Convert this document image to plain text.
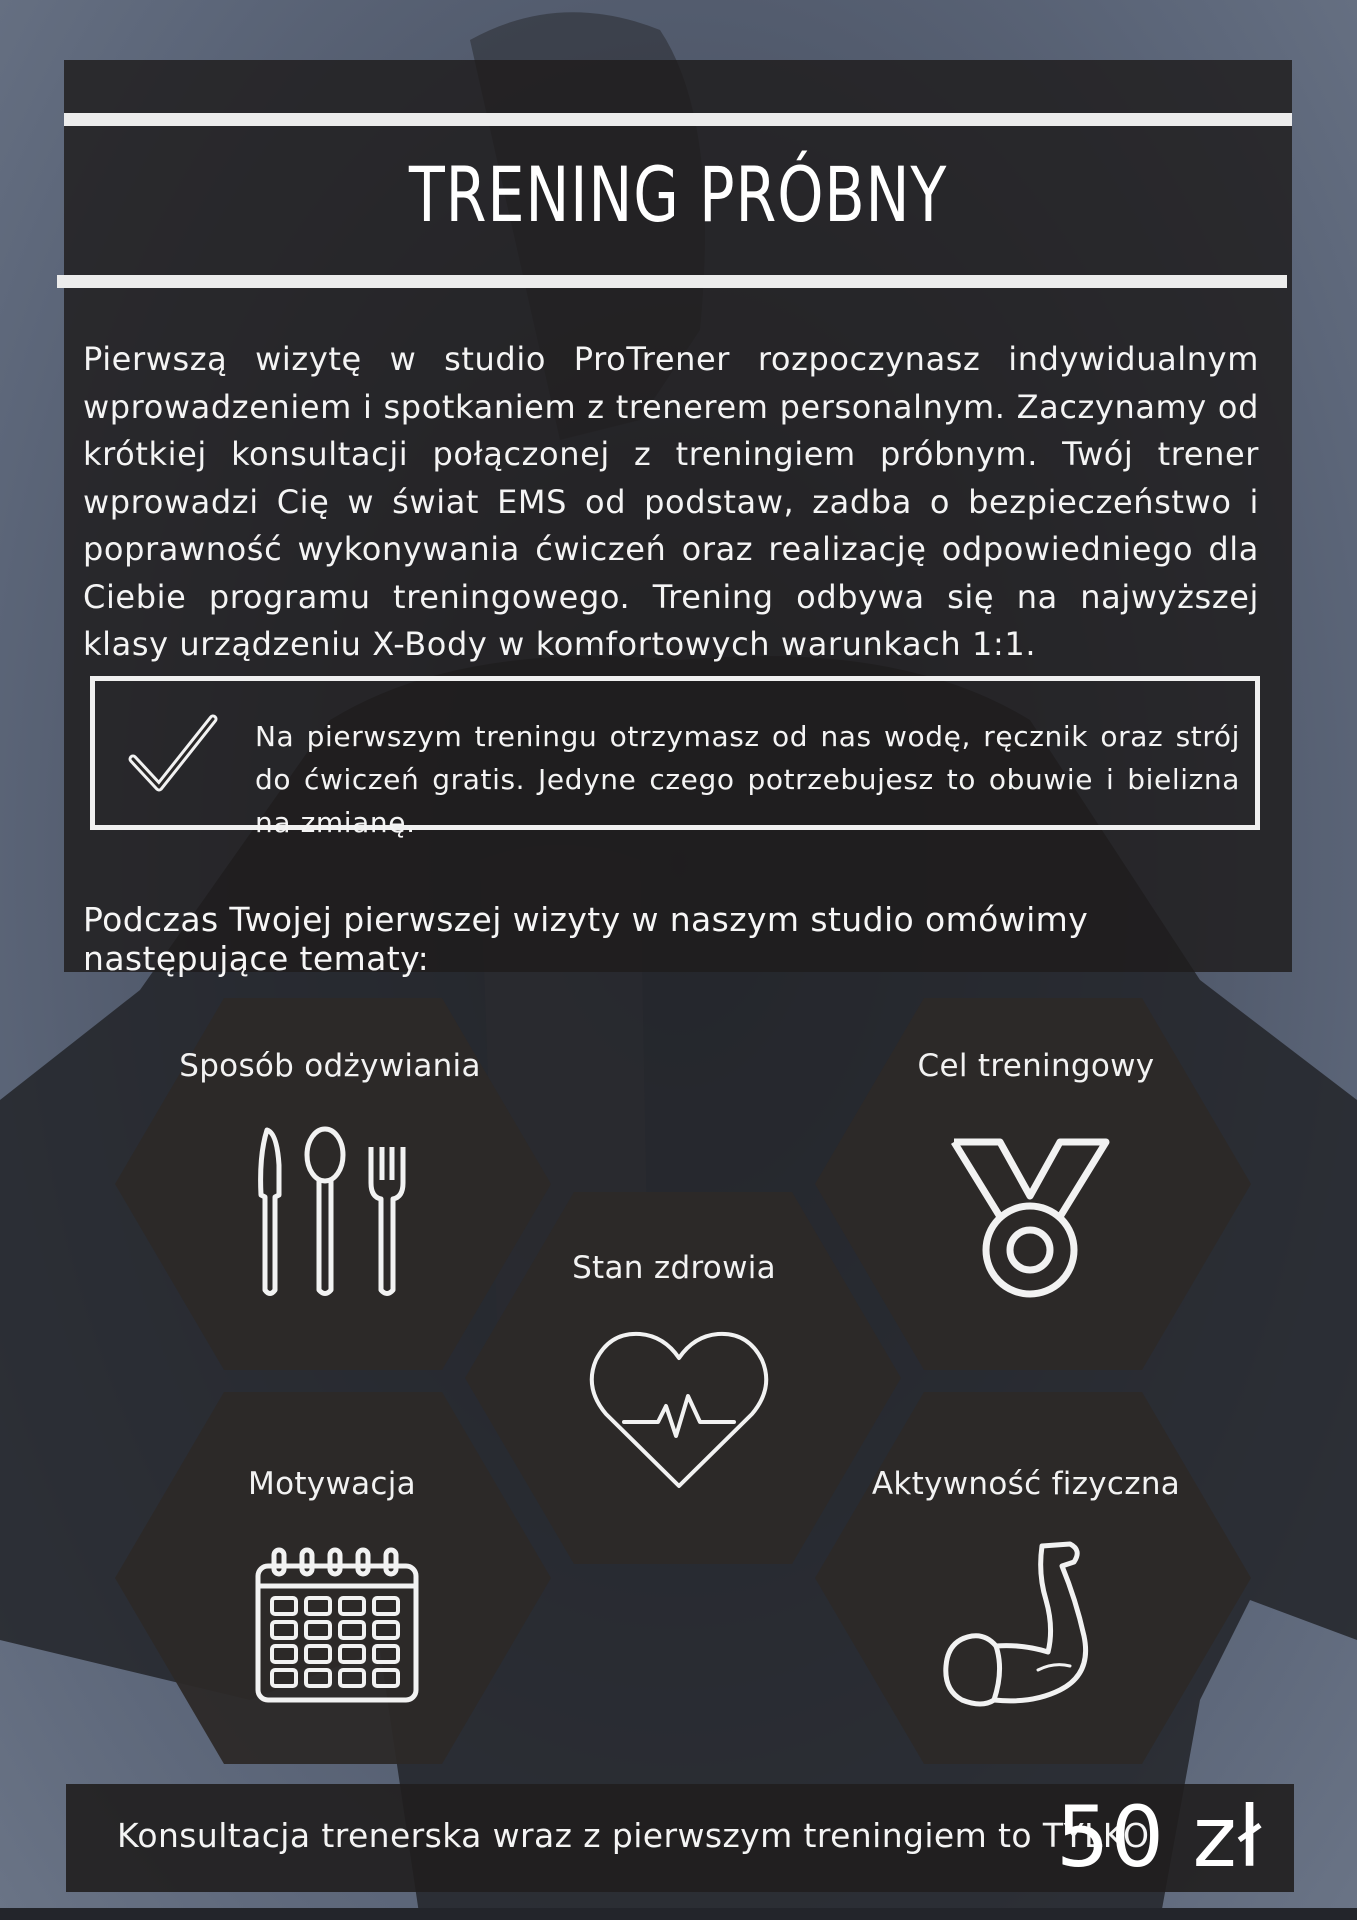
TRENING PRÓBNY
Pierwszą wizytę w studio ProTrener rozpoczynasz indywidualnym wprowadzeniem i spotkaniem z trenerem personalnym. Zaczynamy od krótkiej konsultacji połączonej z treningiem próbnym. Twój trener wprowadzi Cię w świat EMS od podstaw, zadba o bezpieczeństwo i poprawność wykonywania ćwiczeń oraz realizację odpowiedniego dla Ciebie programu treningowego. Trening odbywa się na najwyższej klasy urządzeniu X-Body w komfortowych warunkach 1:1.
Na pierwszym treningu otrzymasz od nas wodę, ręcznik oraz strój do ćwiczeń gratis. Jedyne czego potrzebujesz to obuwie i bielizna na zmianę.
Podczas Twojej pierwszej wizyty w naszym studio omówimy następujące tematy:
Sposób odżywiania	Cel treningowy
Stan zdrowia
Motywacja	Aktywność fizyczna
Konsultacja trenerska wraz z pierwszym treningiem to TYLKO
50 zł
